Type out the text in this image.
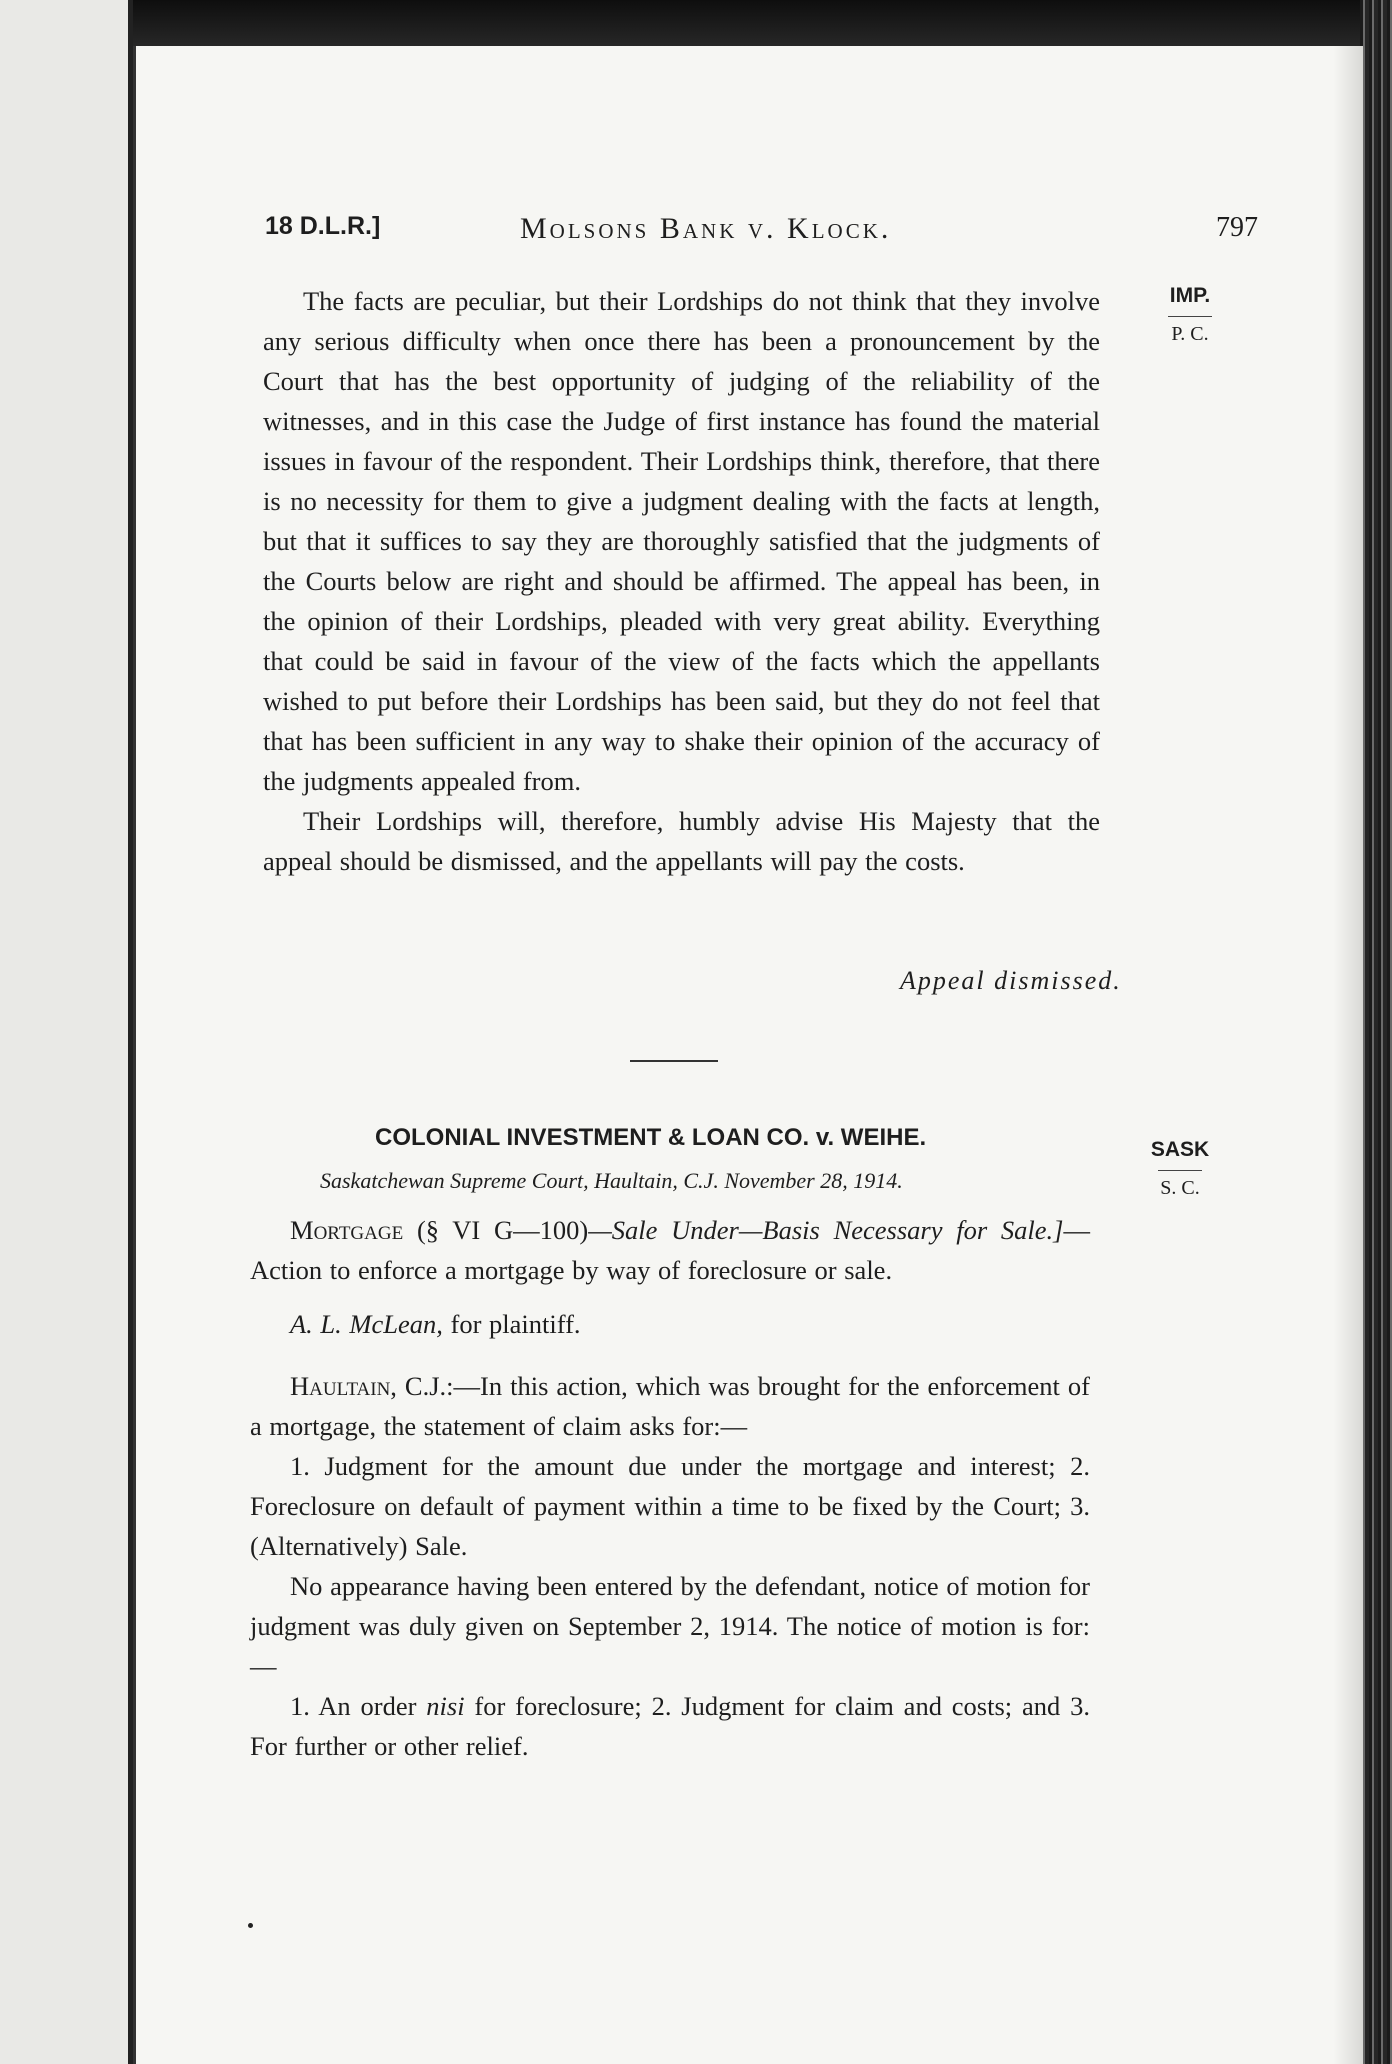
18 D.L.R.]	Molsons Bank v. Klock.	797
IMP.
P. C.

The facts are peculiar, but their Lordships do not think that they involve any serious difficulty when once there has been a pronouncement by the Court that has the best opportunity of judging of the reliability of the witnesses, and in this case the Judge of first instance has found the material issues in favour of the respondent. Their Lordships think, therefore, that there is no necessity for them to give a judgment dealing with the facts at length, but that it suffices to say they are thoroughly satisfied that the judgments of the Courts below are right and should be affirmed. The appeal has been, in the opinion of their Lordships, pleaded with very great ability. Everything that could be said in favour of the view of the facts which the appellants wished to put before their Lordships has been said, but they do not feel that that has been sufficient in any way to shake their opinion of the accuracy of the judgments appealed from.

Their Lordships will, therefore, humbly advise His Majesty that the appeal should be dismissed, and the appellants will pay the costs.

Appeal dismissed.
COLONIAL INVESTMENT & LOAN CO. v. WEIHE.
Saskatchewan Supreme Court, Haultain, C.J. November 28, 1914.
SASK
S. C.

Mortgage (§ VI G—100)—Sale Under—Basis Necessary for Sale.]—Action to enforce a mortgage by way of foreclosure or sale.

A. L. McLean, for plaintiff.

Haultain, C.J.:—In this action, which was brought for the enforcement of a mortgage, the statement of claim asks for:—

1. Judgment for the amount due under the mortgage and interest; 2. Foreclosure on default of payment within a time to be fixed by the Court; 3. (Alternatively) Sale.

No appearance having been entered by the defendant, notice of motion for judgment was duly given on September 2, 1914. The notice of motion is for:—

1. An order nisi for foreclosure; 2. Judgment for claim and costs; and 3. For further or other relief.
